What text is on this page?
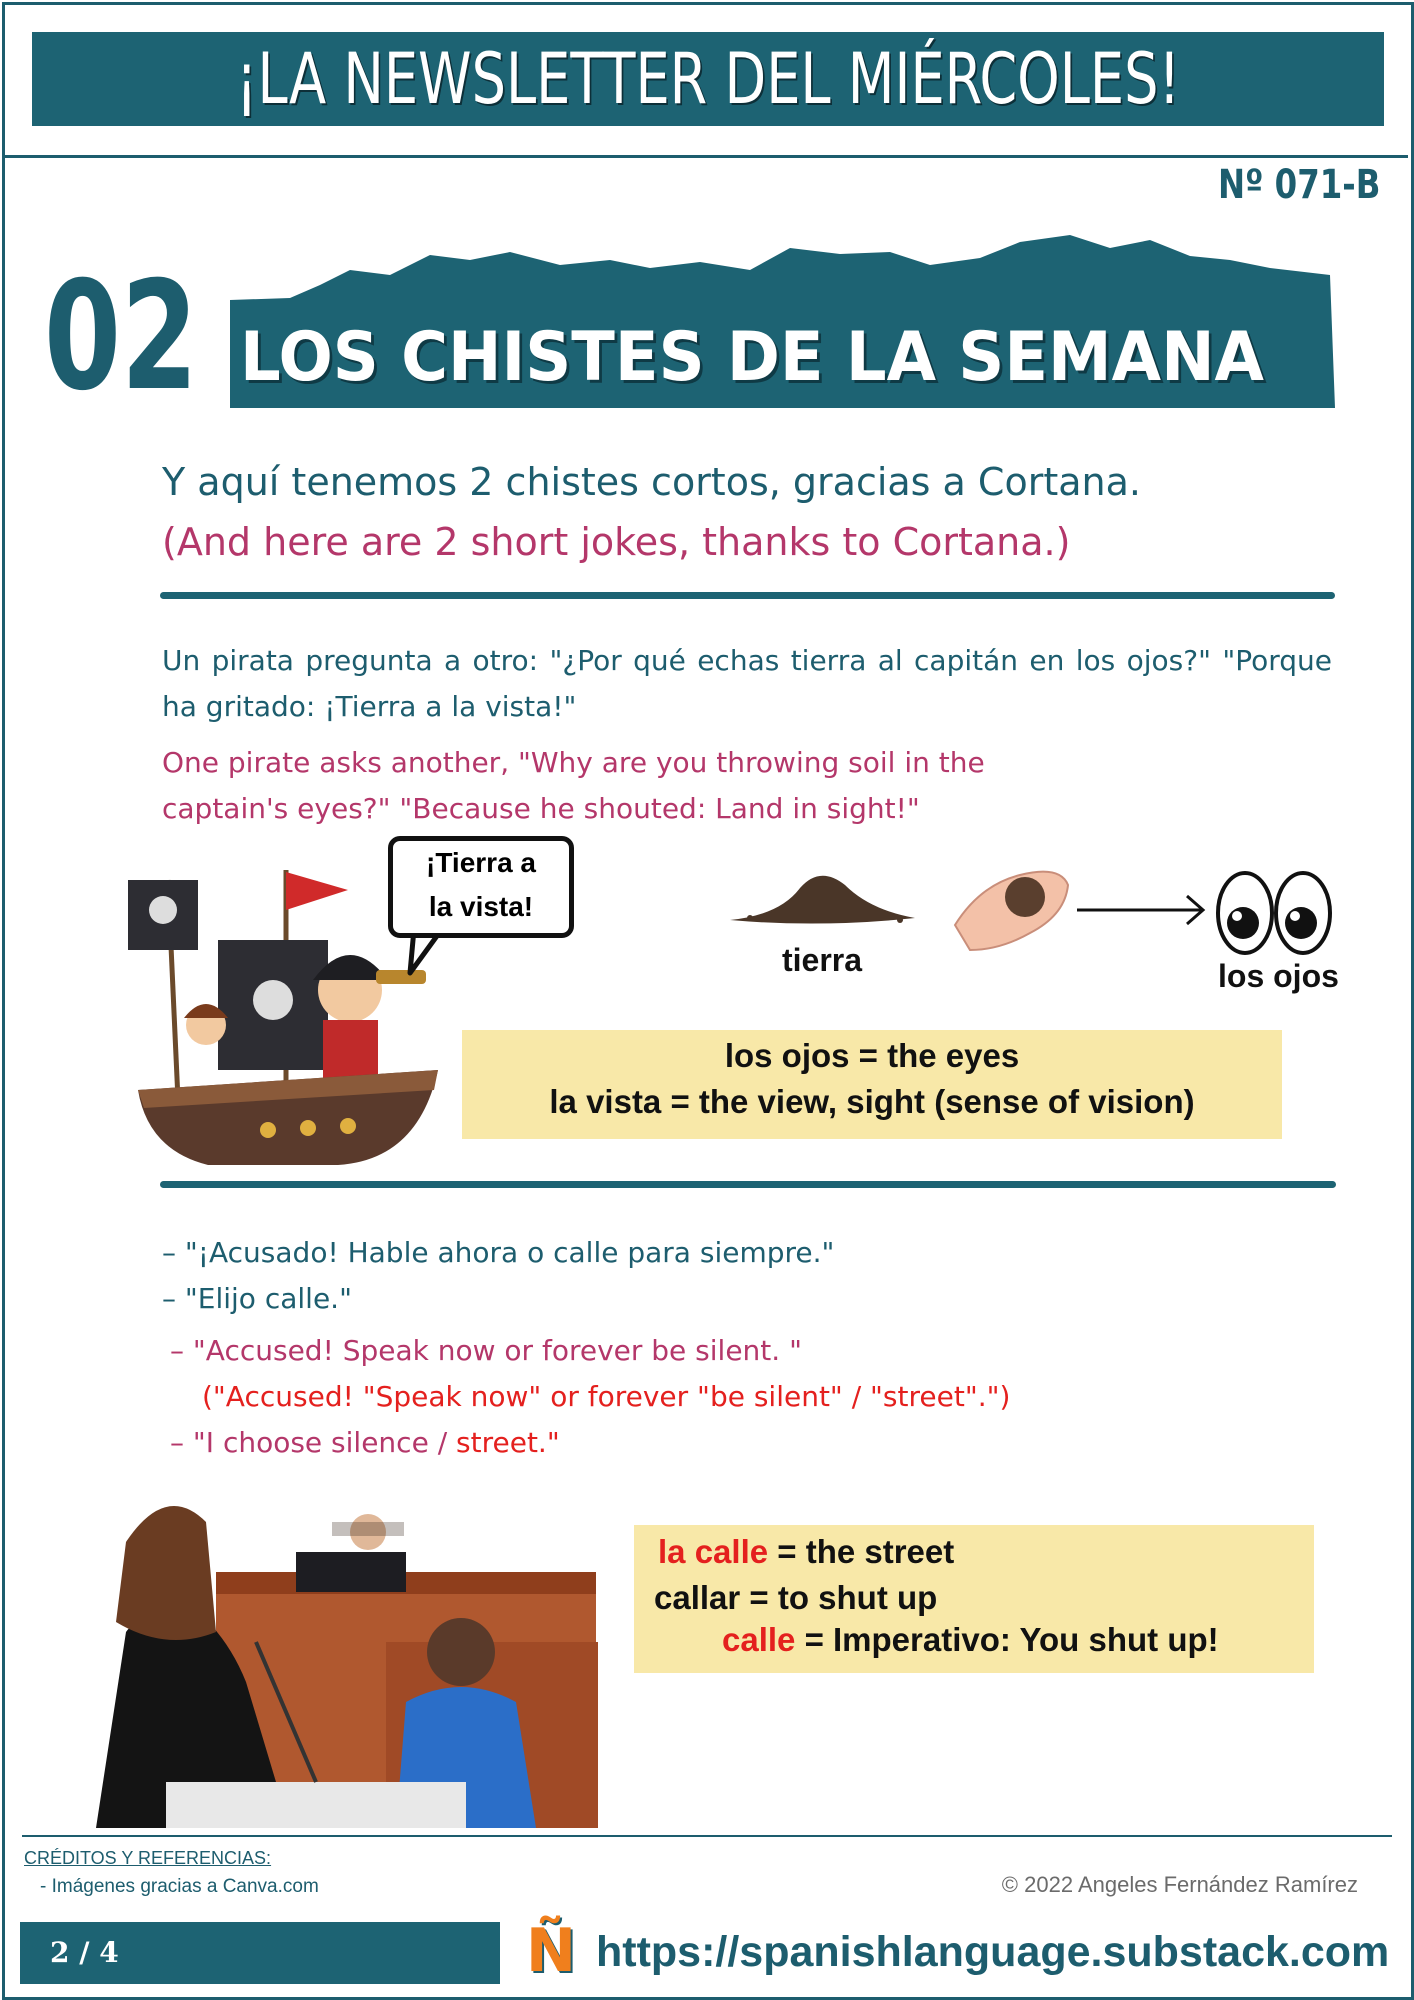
¡LA NEWSLETTER DEL MIÉRCOLES!
Nº 071-B
02 LOS CHISTES DE LA SEMANA
Y aquí tenemos 2 chistes cortos, gracias a Cortana.
(And here are 2 short jokes, thanks to Cortana.)
Un pirata pregunta a otro: "¿Por qué echas tierra al capitán en los ojos?" "Porque ha gritado: ¡Tierra a la vista!"
One pirate asks another, "Why are you throwing soil in the
captain's eyes?" "Because he shouted: Land in sight!"
¡Tierra a
la vista!
tierra	los ojos
los ojos = the eyes
la vista = the view, sight (sense of vision)
– "¡Acusado! Hable ahora o calle para siempre."
– "Elijo calle."
– "Accused! Speak now or forever be silent. "
("Accused! "Speak now" or forever "be silent" / "street".")
– "I choose silence / street."
la calle = the street
callar = to shut up
calle = Imperativo: You shut up!
CRÉDITOS Y REFERENCIAS:
- Imágenes gracias a Canva.com	© 2022 Angeles Fernández Ramírez
2 / 4	Ñ https://spanishlanguage.substack.com
